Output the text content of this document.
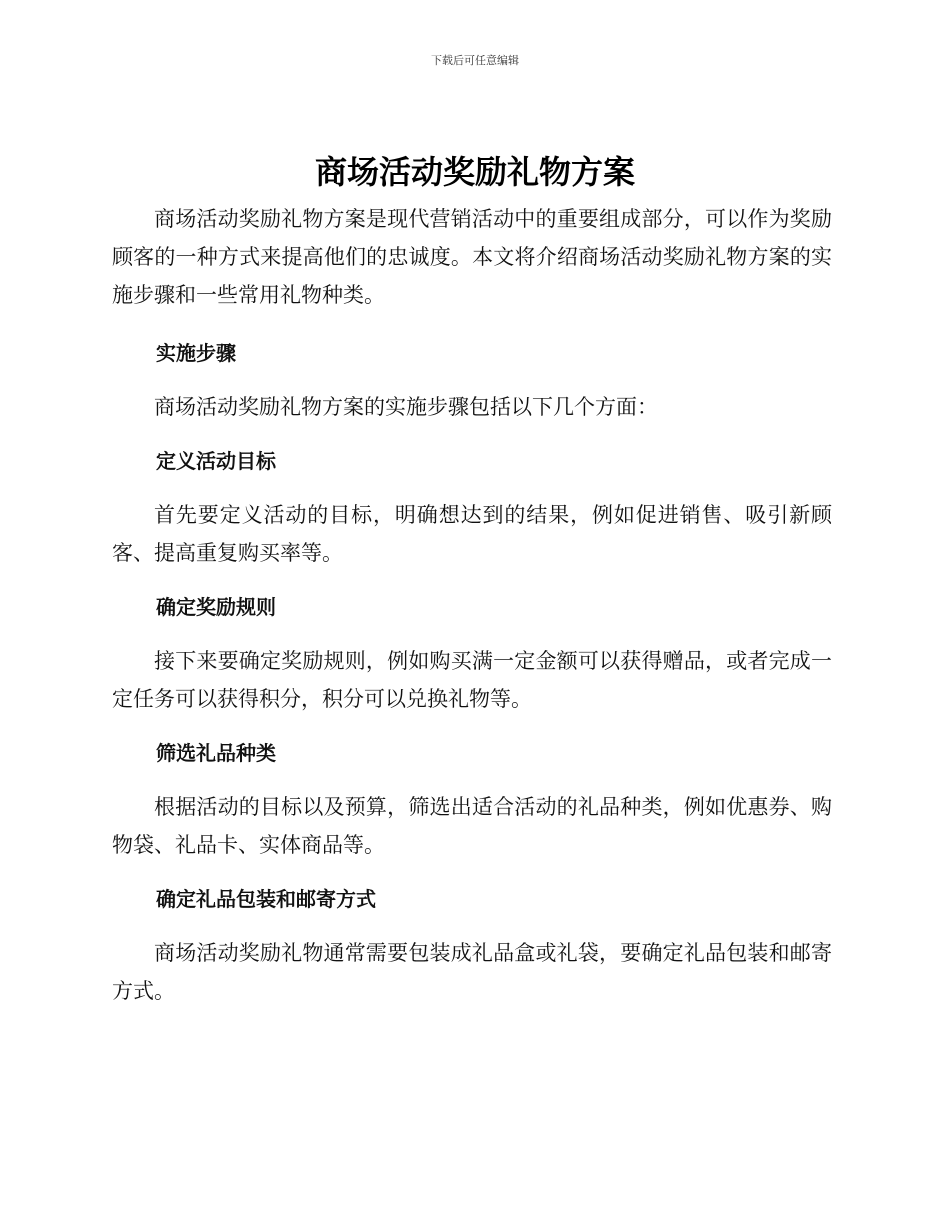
下载后可任意编辑
商场活动奖励礼物方案

商场活动奖励礼物方案是现代营销活动中的重要组成部分，可以作为奖励顾客的一种方式来提高他们的忠诚度。本文将介绍商场活动奖励礼物方案的实施步骤和一些常用礼物种类。

实施步骤

商场活动奖励礼物方案的实施步骤包括以下几个方面：

定义活动目标

首先要定义活动的目标，明确想达到的结果，例如促进销售、吸引新顾客、提高重复购买率等。

确定奖励规则

接下来要确定奖励规则，例如购买满一定金额可以获得赠品，或者完成一定任务可以获得积分，积分可以兑换礼物等。

筛选礼品种类

根据活动的目标以及预算，筛选出适合活动的礼品种类，例如优惠券、购物袋、礼品卡、实体商品等。

确定礼品包装和邮寄方式

商场活动奖励礼物通常需要包装成礼品盒或礼袋，要确定礼品包装和邮寄方式。
